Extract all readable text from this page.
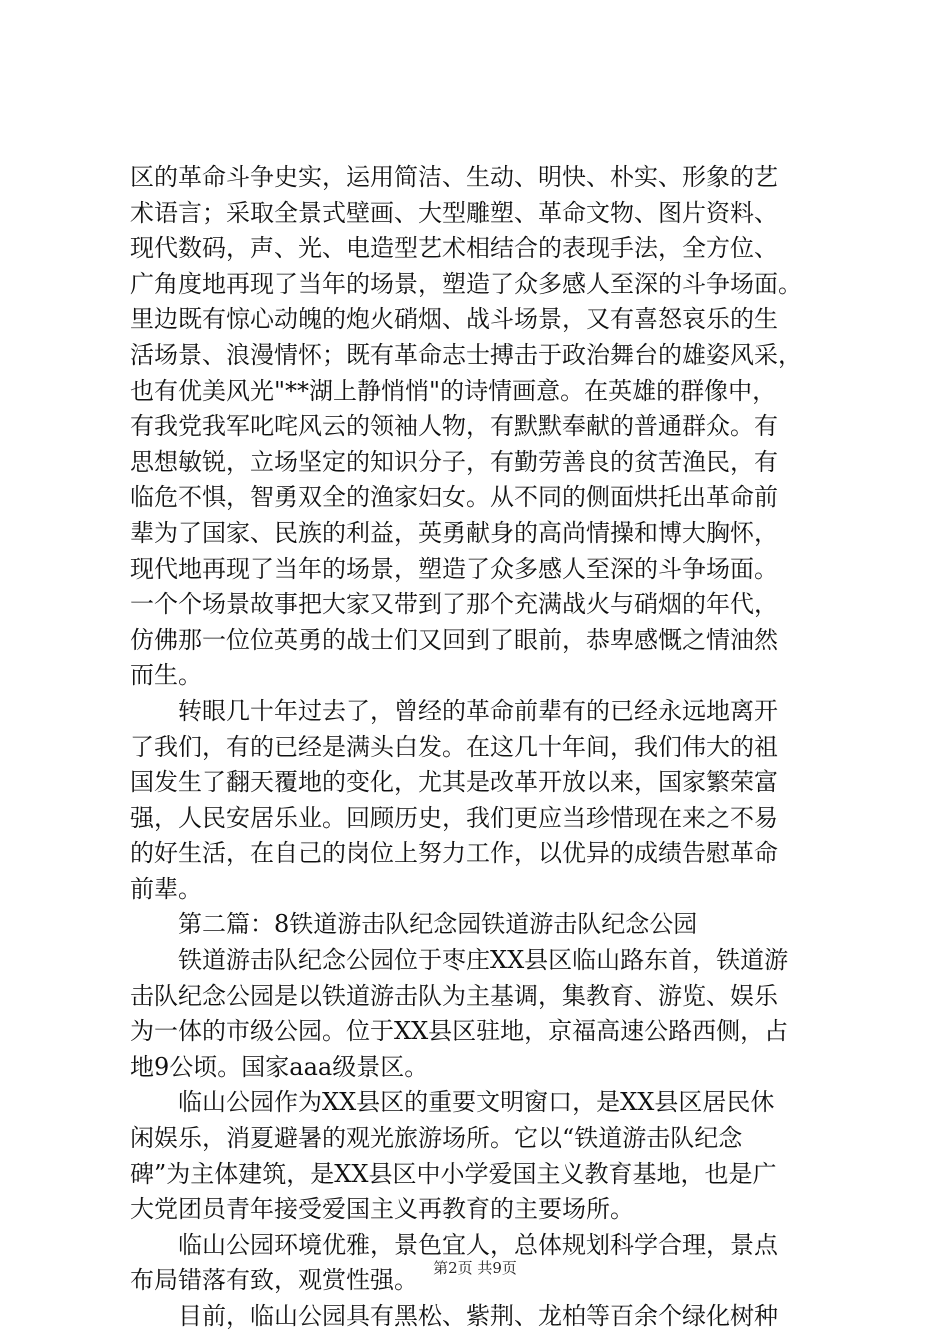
区的革命斗争史实，运用简洁、生动、明快、朴实、形象的艺
术语言；采取全景式壁画、大型雕塑、革命文物、图片资料、
现代数码，声、光、电造型艺术相结合的表现手法，全方位、
广角度地再现了当年的场景，塑造了众多感人至深的斗争场面。
里边既有惊心动魄的炮火硝烟、战斗场景，又有喜怒哀乐的生
活场景、浪漫情怀；既有革命志士搏击于政治舞台的雄姿风采，
也有优美风光"**湖上静悄悄"的诗情画意。在英雄的群像中，
有我党我军叱咤风云的领袖人物，有默默奉献的普通群众。有
思想敏锐，立场坚定的知识分子，有勤劳善良的贫苦渔民，有
临危不惧，智勇双全的渔家妇女。从不同的侧面烘托出革命前
辈为了国家、民族的利益，英勇献身的高尚情操和博大胸怀，
现代地再现了当年的场景，塑造了众多感人至深的斗争场面。
一个个场景故事把大家又带到了那个充满战火与硝烟的年代，
仿佛那一位位英勇的战士们又回到了眼前，恭卑感慨之情油然
而生。
转眼几十年过去了，曾经的革命前辈有的已经永远地离开
了我们，有的已经是满头白发。在这几十年间，我们伟大的祖
国发生了翻天覆地的变化，尤其是改革开放以来，国家繁荣富
强，人民安居乐业。回顾历史，我们更应当珍惜现在来之不易
的好生活，在自己的岗位上努力工作，以优异的成绩告慰革命
前辈。
第二篇：8铁道游击队纪念园铁道游击队纪念公园
铁道游击队纪念公园位于枣庄XX县区临山路东首，铁道游
击队纪念公园是以铁道游击队为主基调，集教育、游览、娱乐
为一体的市级公园。位于XX县区驻地，京福高速公路西侧，占
地9公顷。国家aaa级景区。
临山公园作为XX县区的重要文明窗口，是XX县区居民休
闲娱乐，消夏避暑的观光旅游场所。它以“铁道游击队纪念
碑”为主体建筑，是XX县区中小学爱国主义教育基地，也是广
大党团员青年接受爱国主义再教育的主要场所。
临山公园环境优雅，景色宜人，总体规划科学合理，景点
布局错落有致，观赏性强。
目前，临山公园具有黑松、紫荆、龙柏等百余个绿化树种
第2页 共9页
